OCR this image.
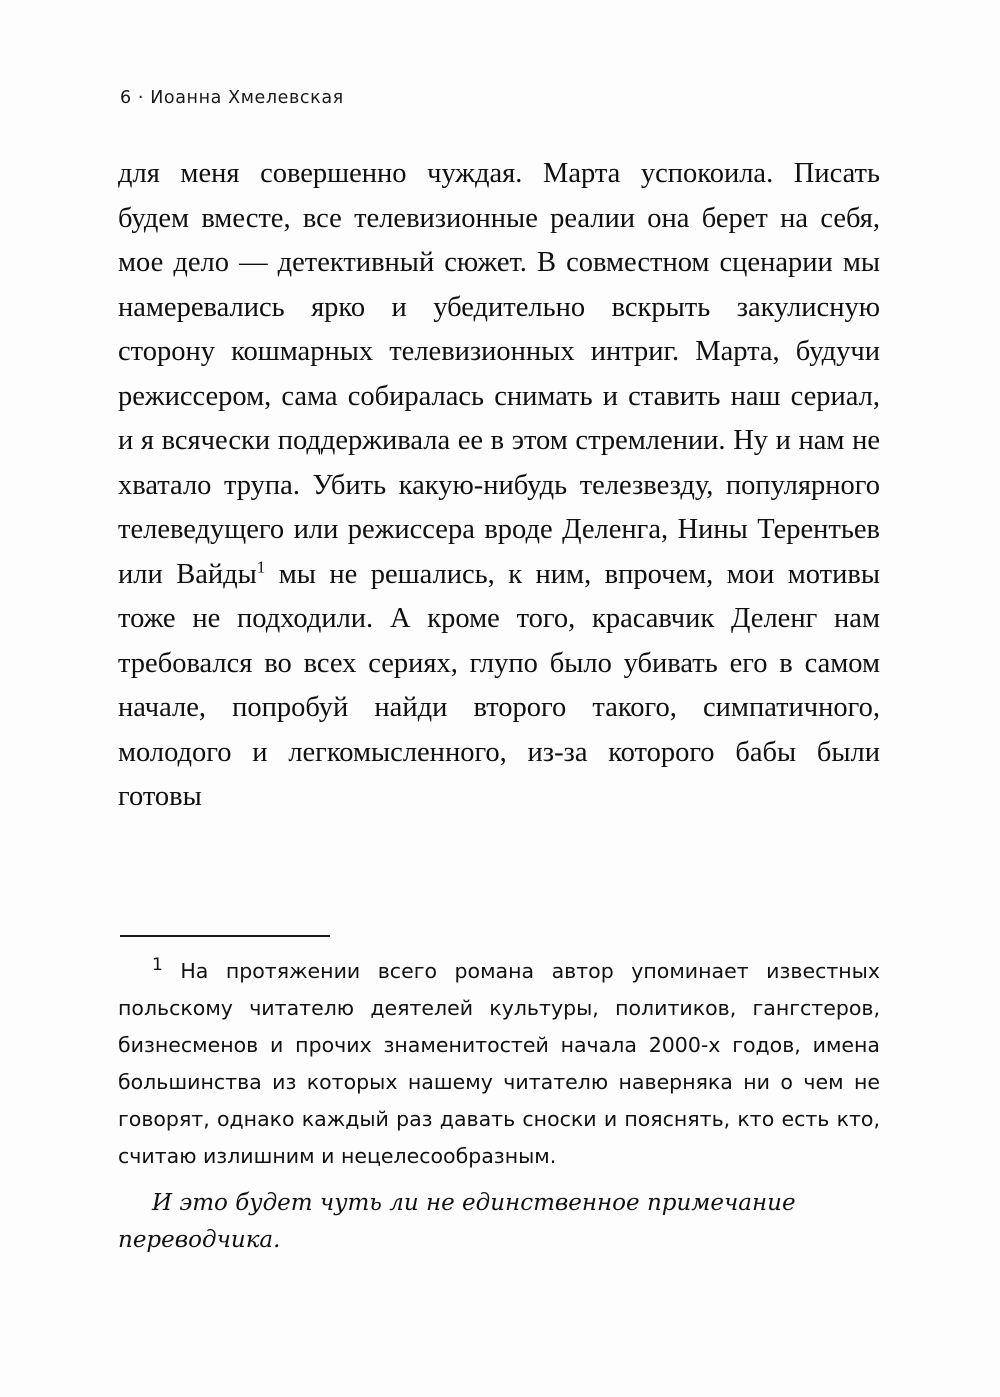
6 · Иоанна Хмелевская

для меня совершенно чуждая. Марта успокоила. Писать будем вместе, все телевизионные реалии она берет на себя, мое дело — детективный сюжет. В совместном сценарии мы намеревались ярко и убедительно вскрыть закулисную сторону кошмарных телевизионных интриг. Марта, будучи режиссером, сама собиралась снимать и ставить наш сериал, и я всячески поддерживала ее в этом стремлении. Ну и нам не хватало трупа. Убить какую-нибудь телезвезду, популярного телеведущего или режиссера вроде Деленга, Нины Терентьев или Вайды$^1$ мы не решались, к ним, впрочем, мои мотивы тоже не подходили. А кроме того, красавчик Деленг нам требовался во всех сериях, глупо было убивать его в самом начале, попробуй найди второго такого, симпатичного, молодого и легкомысленного, из-за которого бабы были готовы

$^1$ На протяжении всего романа автор упоминает известных польскому читателю деятелей культуры, политиков, гангстеров, бизнесменов и прочих знаменитостей начала 2000-х годов, имена большинства из которых нашему читателю наверняка ни о чем не говорят, однако каждый раз давать сноски и пояснять, кто есть кто, считаю излишним и нецелесообразным.

И это будет чуть ли не единственное примечание переводчика.
